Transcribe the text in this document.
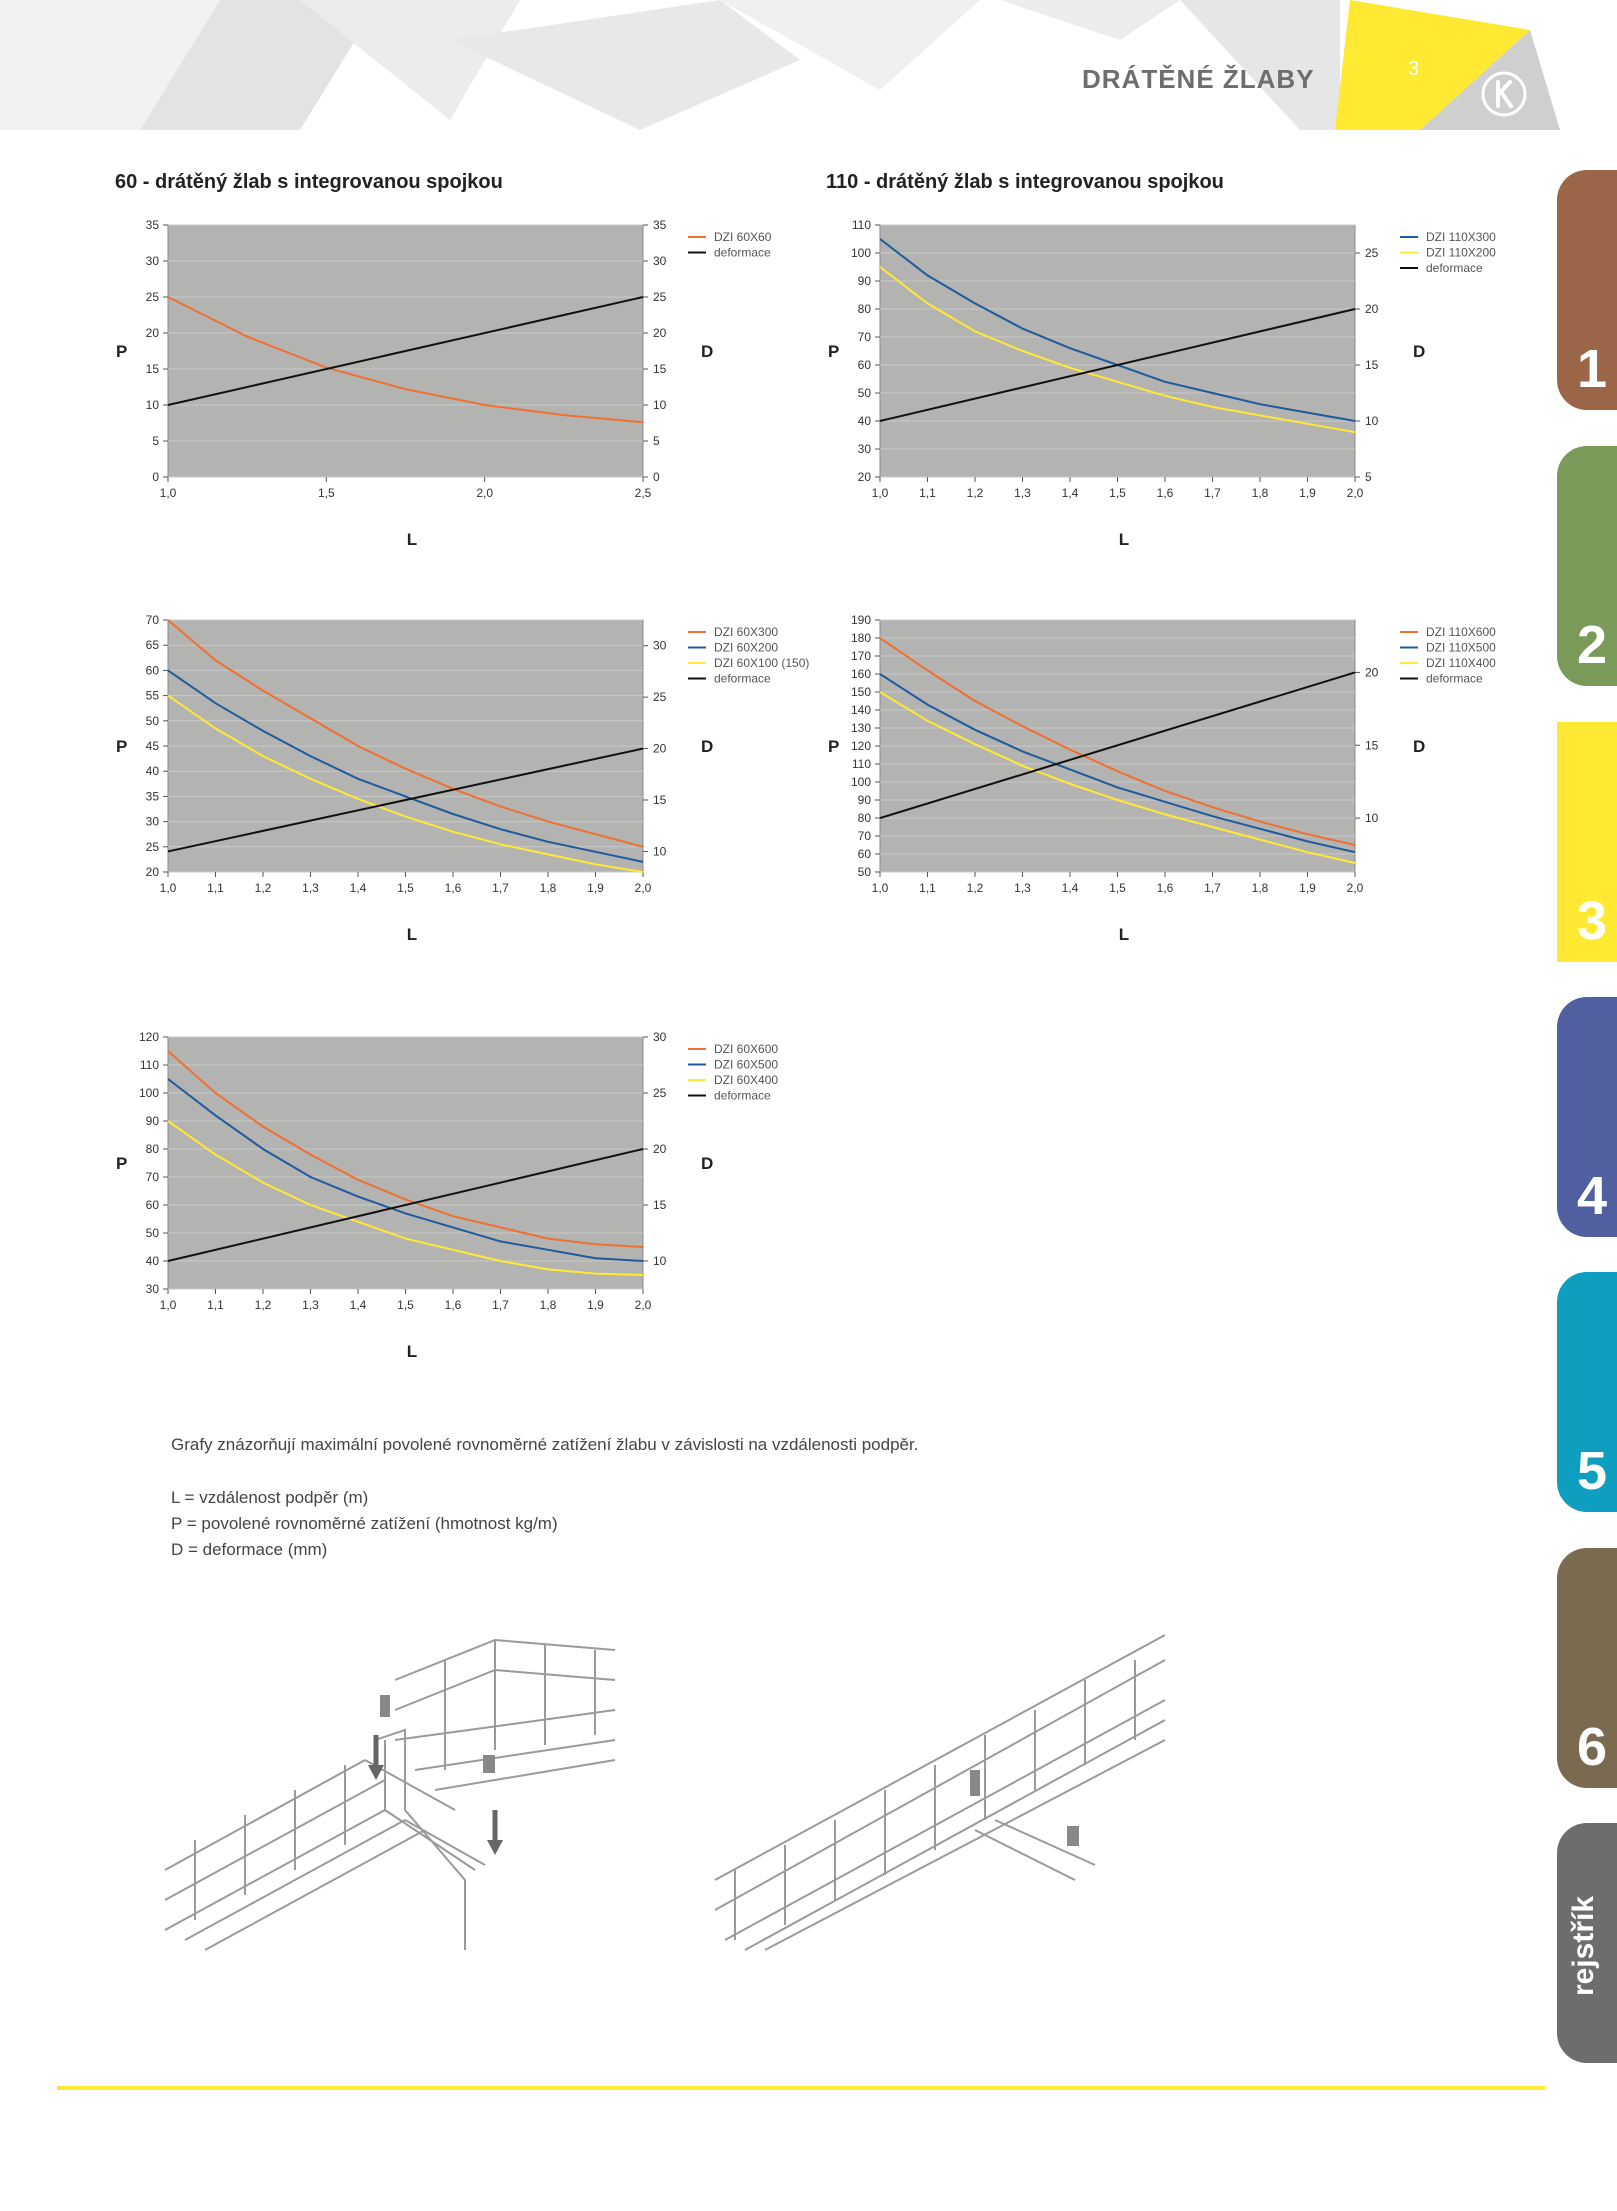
DRÁTĚNÉ ŽLABY	3
60 - drátěný žlab s integrovanou spojkou	110 - drátěný žlab s integrovanou spojkou
0
5
10
15
20
25
30
35
0
5
10
15
20
25
30
35
1,0	1,5	2,0	2,5
P	D
L
DZI 60X60
deformace
20
30
40
50
60
70
80
90
100
110
5
10
15
20
25
1,0	1,1	1,2	1,3	1,4	1,5	1,6	1,7	1,8	1,9	2,0
P	D
L
DZI 110X300
DZI 110X200
deformace
20
25
30
35
40
45
50
55
60
65
70
10
15
20
25
30
1,0	1,1	1,2	1,3	1,4	1,5	1,6	1,7	1,8	1,9	2,0
P	D
L
DZI 60X300
DZI 60X200
DZI 60X100 (150)
deformace
50
60
70
80
90
100
110
120
130
140
150
160
170
180
190
10
15
20
1,0	1,1	1,2	1,3	1,4	1,5	1,6	1,7	1,8	1,9	2,0
P	D
L
DZI 110X600
DZI 110X500
DZI 110X400
deformace
30
40
50
60
70
80
90
100
110
120
10
15
20
25
30
1,0	1,1	1,2	1,3	1,4	1,5	1,6	1,7	1,8	1,9	2,0
P	D
L
DZI 60X600
DZI 60X500
DZI 60X400
deformace
Grafy znázorňují maximální povolené rovnoměrné zatížení žlabu v závislosti na vzdálenosti podpěr.
L = vzdálenost podpěr (m)
P = povolené rovnoměrné zatížení (hmotnost kg/m)
D = deformace (mm)
1
2
3
4
5
6
rejstřík
